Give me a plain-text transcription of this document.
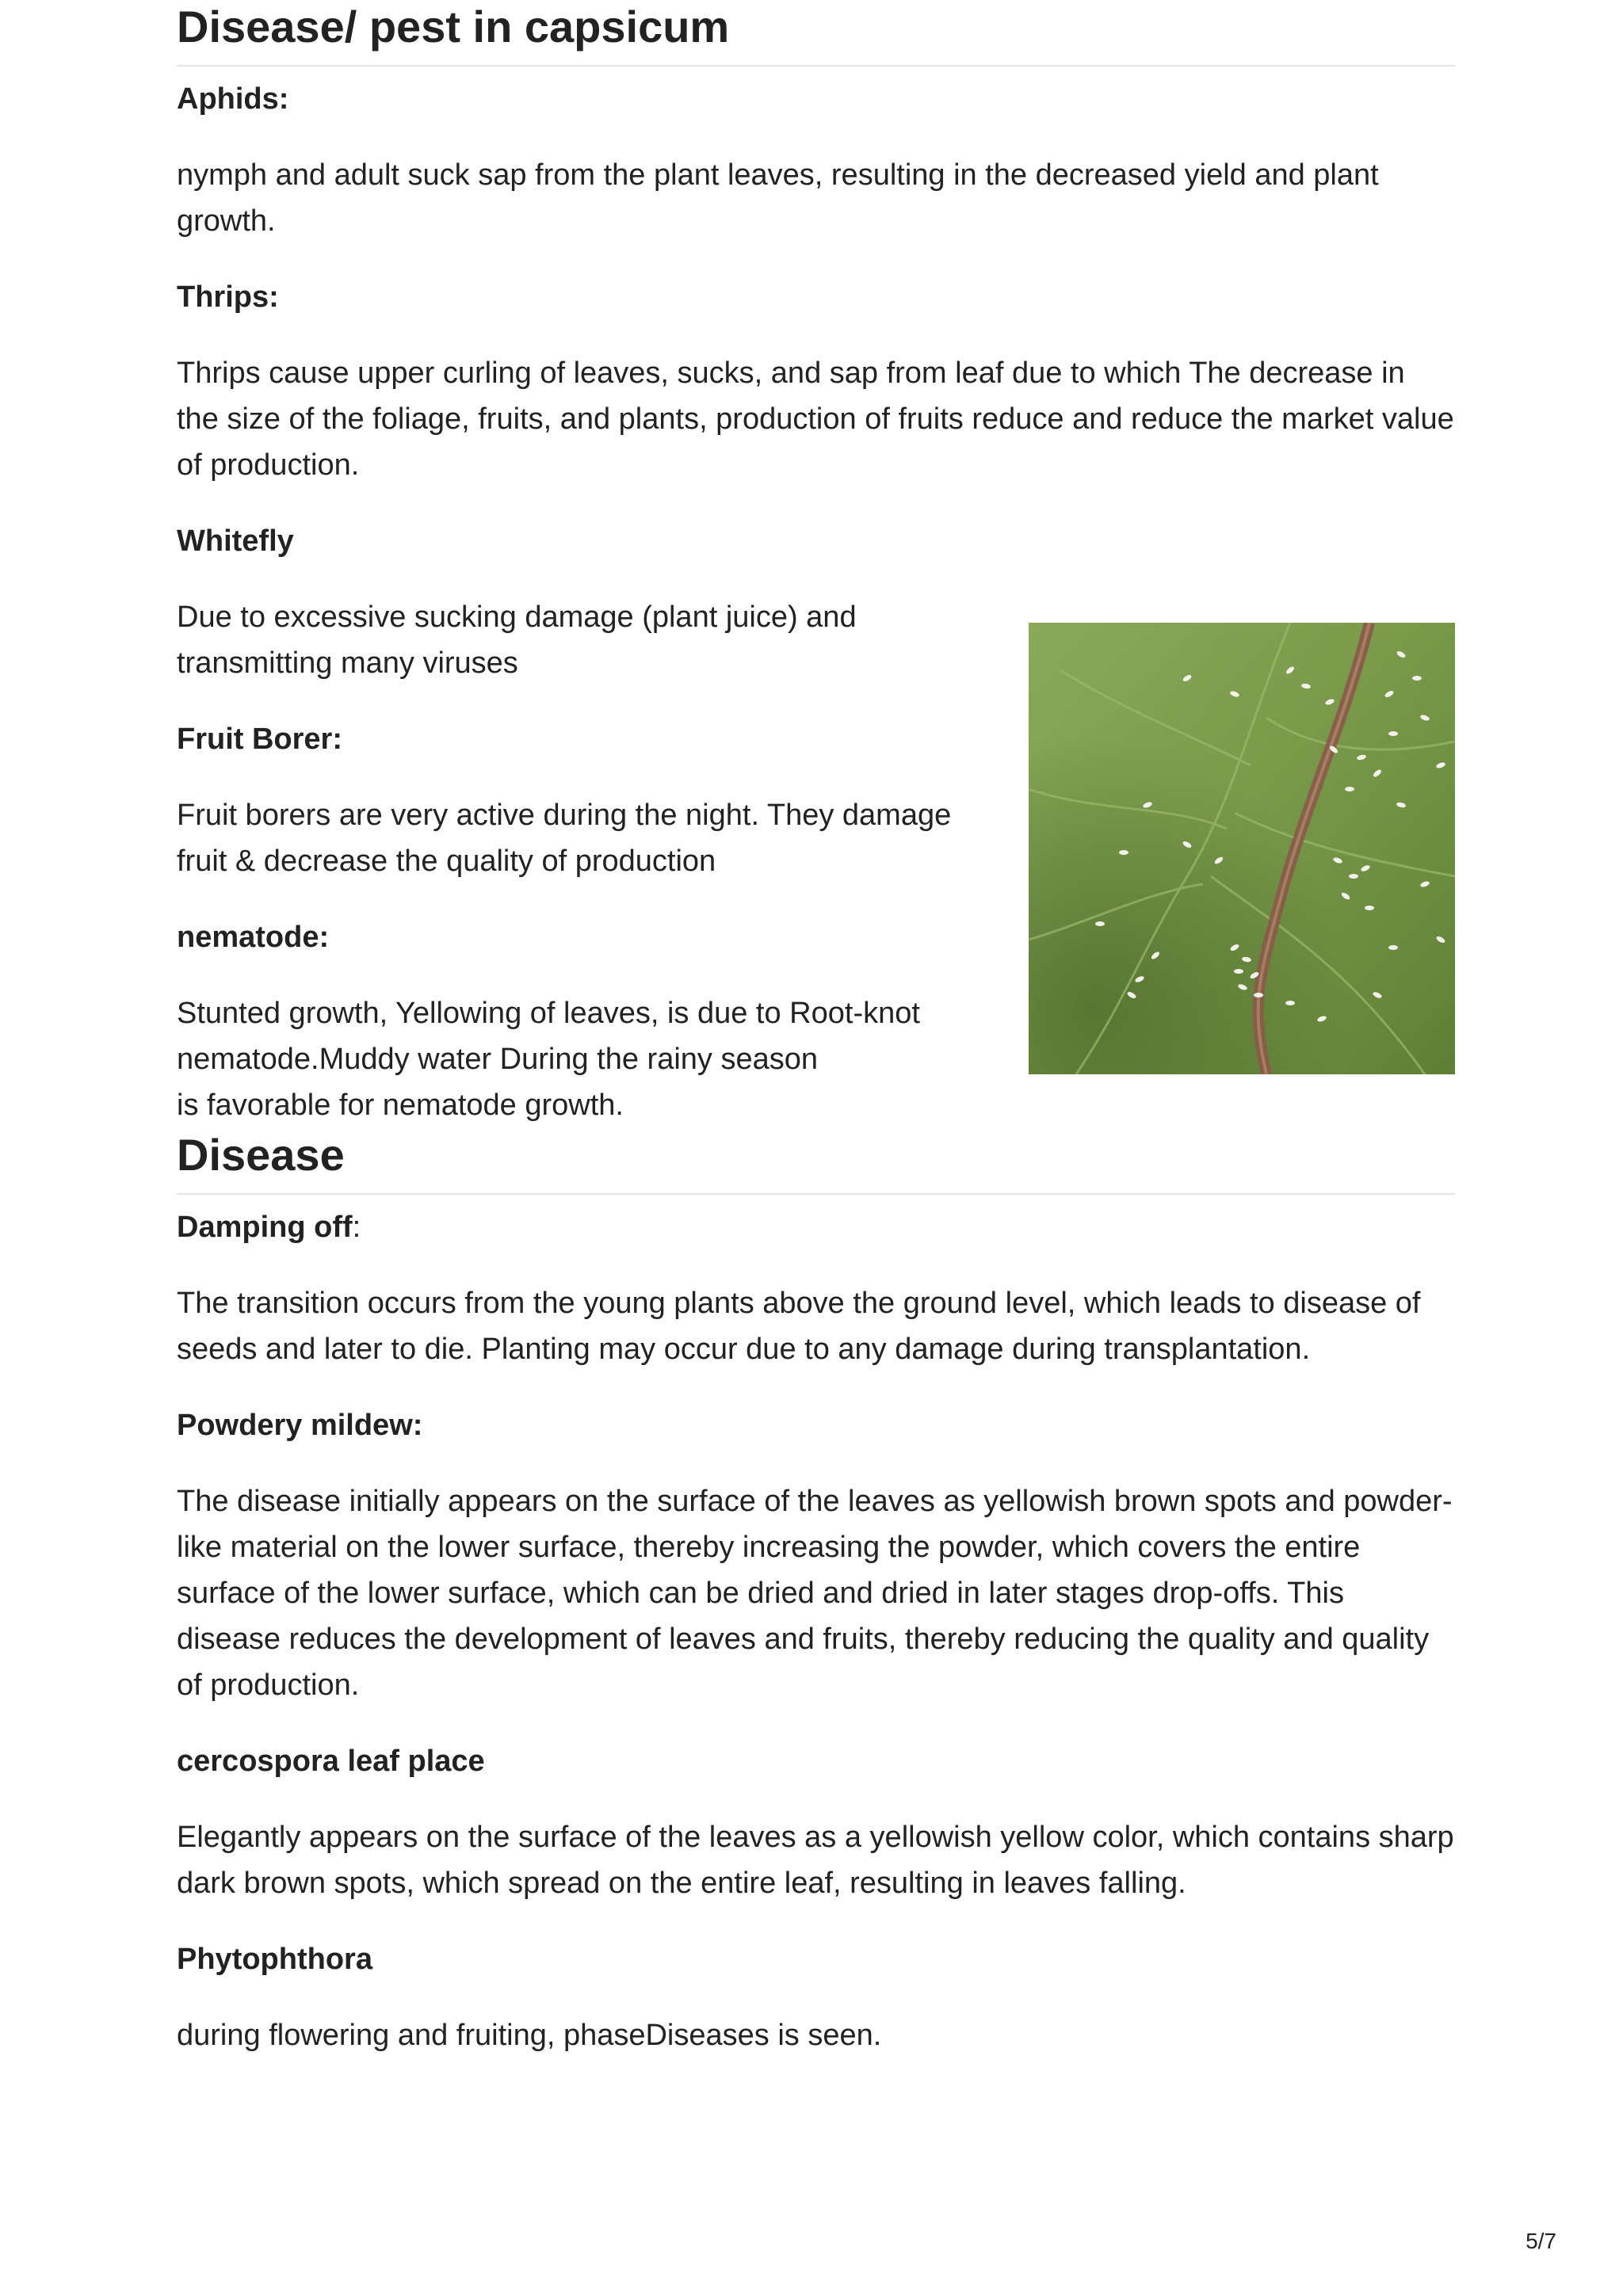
Disease/ pest in capsicum

Aphids:

nymph and adult suck sap from the plant leaves, resulting in the decreased yield and plant growth.

Thrips:

Thrips cause upper curling of leaves, sucks, and sap from leaf due to which The decrease in the size of the foliage, fruits, and plants, production of fruits reduce and reduce the market value of production.

Whitefly

Due to excessive sucking damage (plant juice) and transmitting many viruses

Fruit Borer:

Fruit borers are very active during the night. They damage fruit & decrease the quality of production

nematode:

Stunted growth, Yellowing of leaves, is due to Root-knot
nematode.Muddy water During the rainy season
is favorable for nematode growth.

Disease

Damping off:

The transition occurs from the young plants above the ground level, which leads to disease of seeds and later to die. Planting may occur due to any damage during transplantation.

Powdery mildew:

The disease initially appears on the surface of the leaves as yellowish brown spots and powder-like material on the lower surface, thereby increasing the powder, which covers the entire surface of the lower surface, which can be dried and dried in later stages drop-offs. This disease reduces the development of leaves and fruits, thereby reducing the quality and quality of production.

cercospora leaf place

Elegantly appears on the surface of the leaves as a yellowish yellow color, which contains sharp dark brown spots, which spread on the entire leaf, resulting in leaves falling.

Phytophthora

during flowering and fruiting, phaseDiseases is seen.

5/7
